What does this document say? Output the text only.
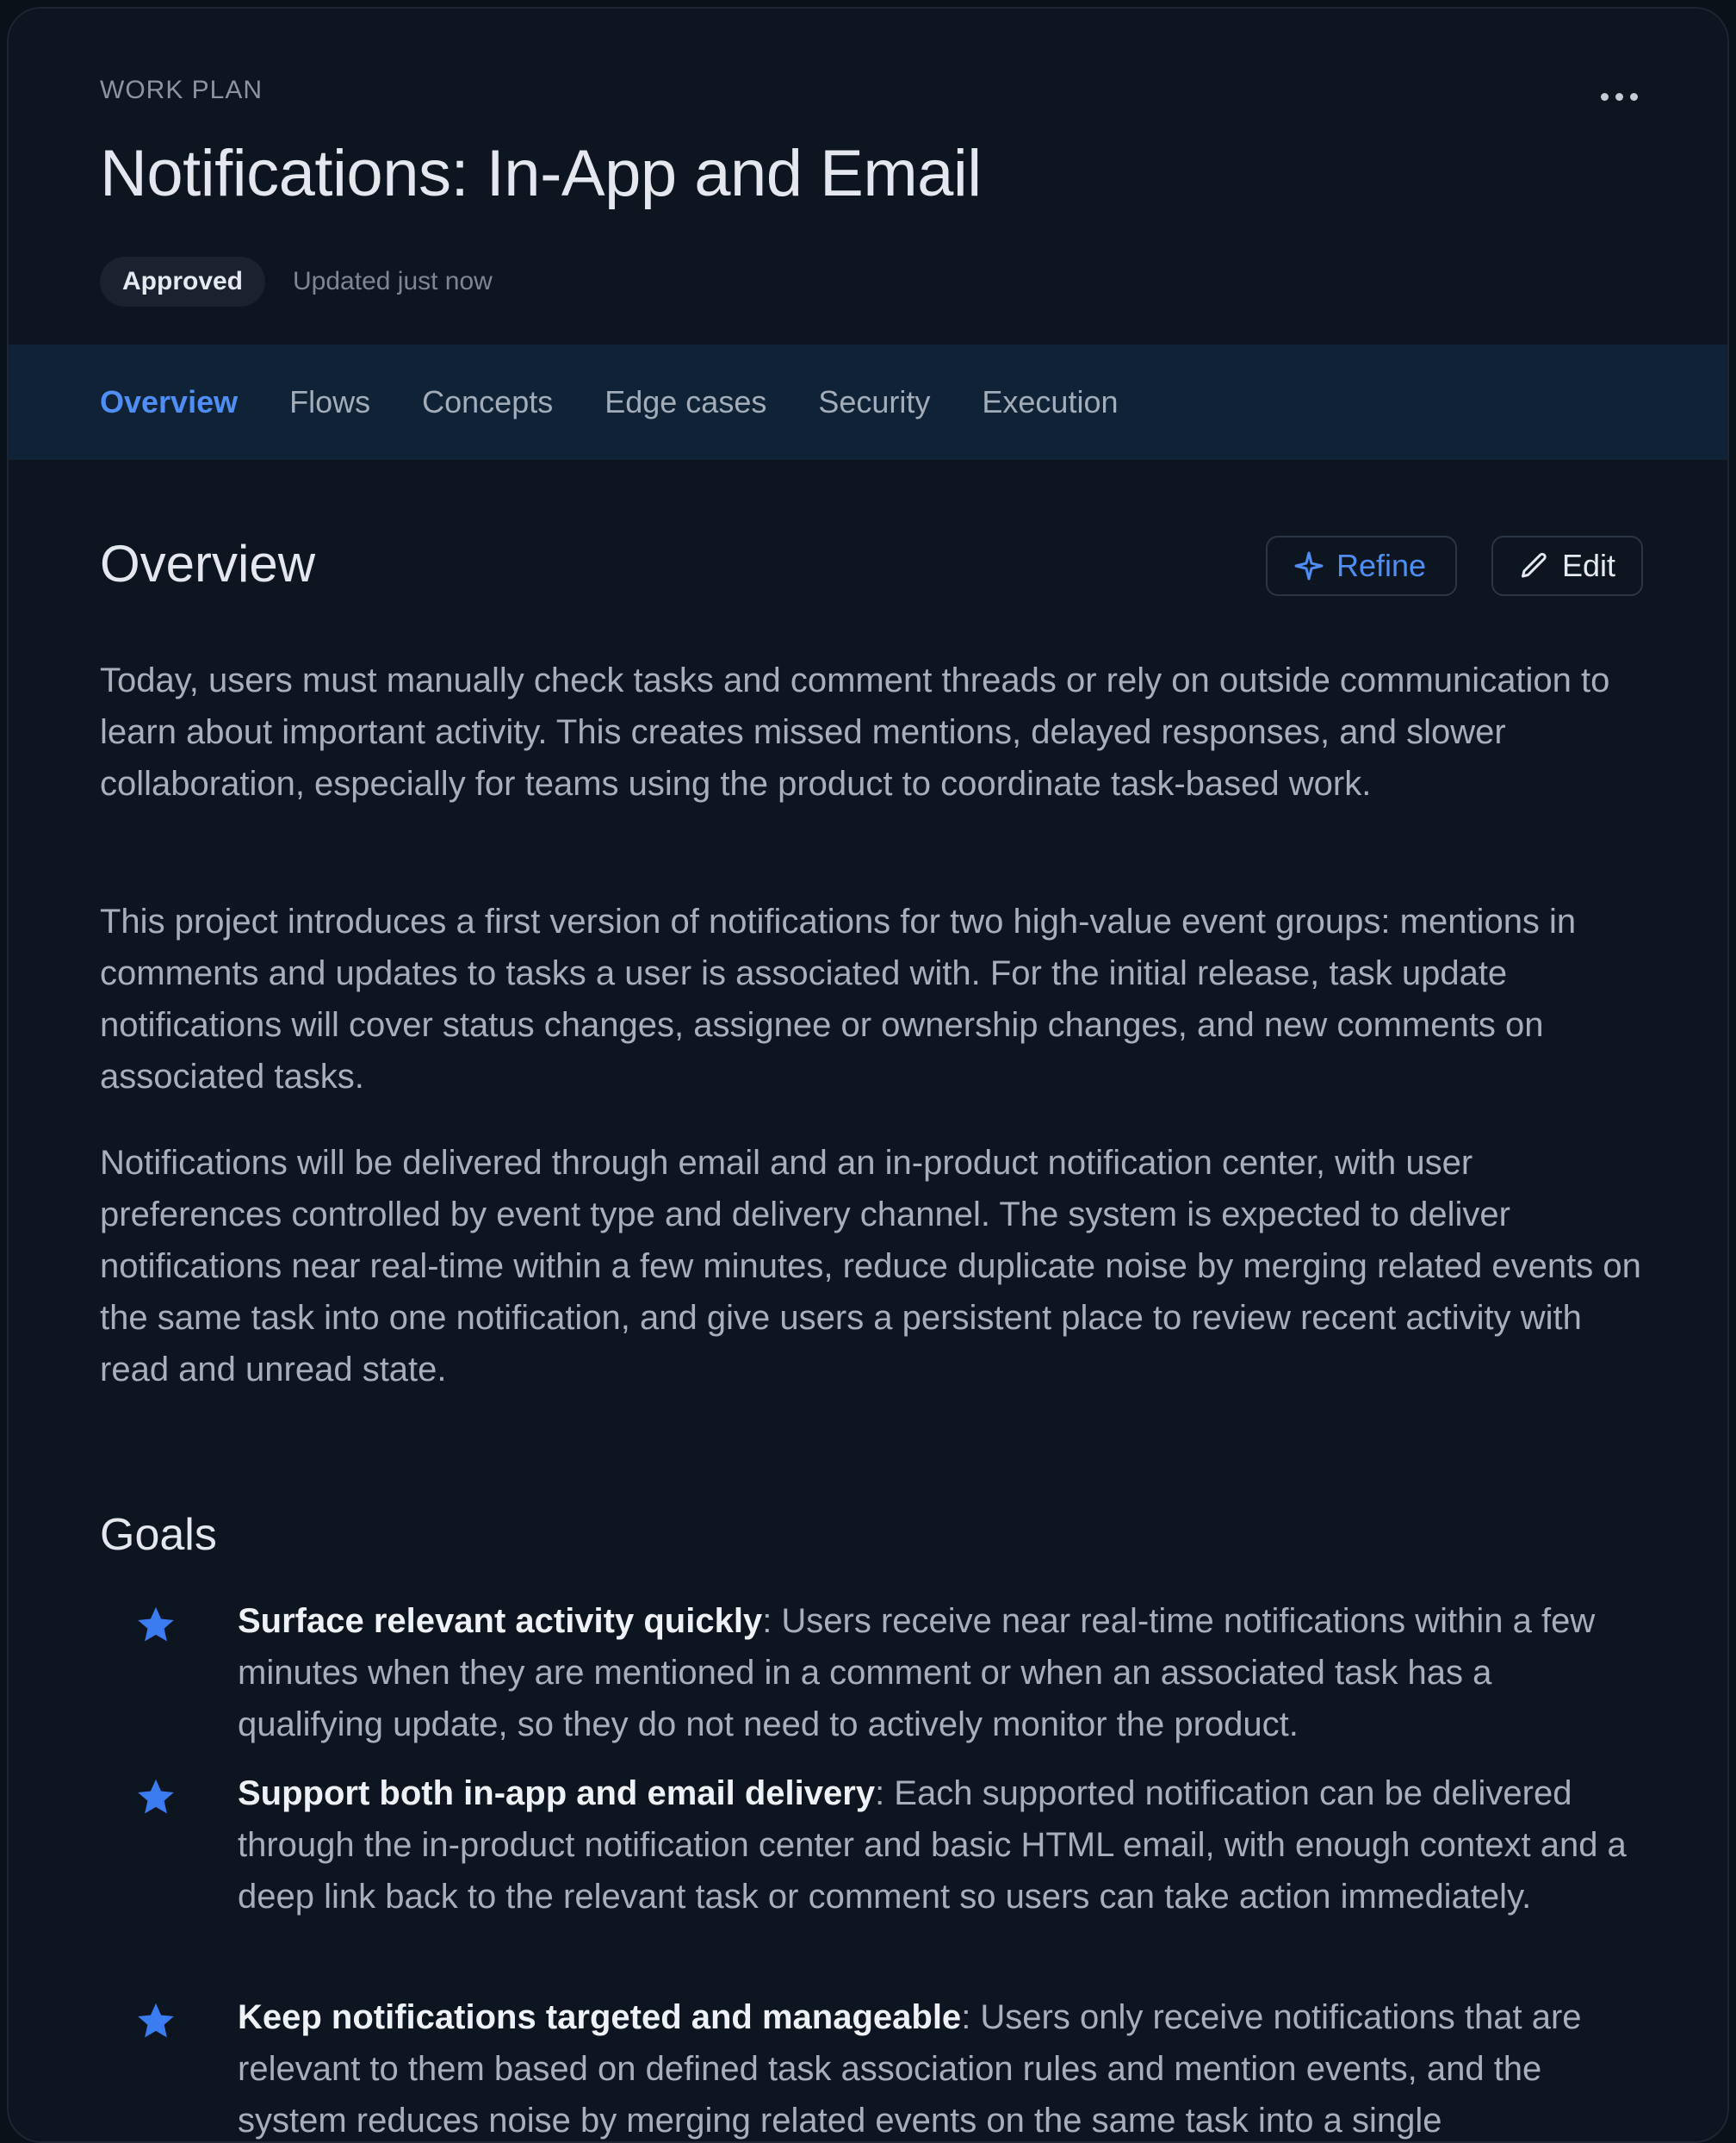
WORK PLAN
Notifications: In-App and Email
Approved	Updated just now
Overview Flows Concepts Edge cases Security Execution
Overview	Refine	Edit

Today, users must manually check tasks and comment threads or rely on outside communication to learn about important activity. This creates missed mentions, delayed responses, and slower collaboration, especially for teams using the product to coordinate task-based work.

This project introduces a first version of notifications for two high-value event groups: mentions in comments and updates to tasks a user is associated with. For the initial release, task update notifications will cover status changes, assignee or ownership changes, and new comments on associated tasks.

Notifications will be delivered through email and an in-product notification center, with user preferences controlled by event type and delivery channel. The system is expected to deliver notifications near real-time within a few minutes, reduce duplicate noise by merging related events on the same task into one notification, and give users a persistent place to review recent activity with read and unread state.

Goals

Surface relevant activity quickly: Users receive near real-time notifications within a few minutes when they are mentioned in a comment or when an associated task has a qualifying update, so they do not need to actively monitor the product.

Support both in-app and email delivery: Each supported notification can be delivered through the in-product notification center and basic HTML email, with enough context and a deep link back to the relevant task or comment so users can take action immediately.

Keep notifications targeted and manageable: Users only receive notifications that are relevant to them based on defined task association rules and mention events, and the system reduces noise by merging related events on the same task into a single
